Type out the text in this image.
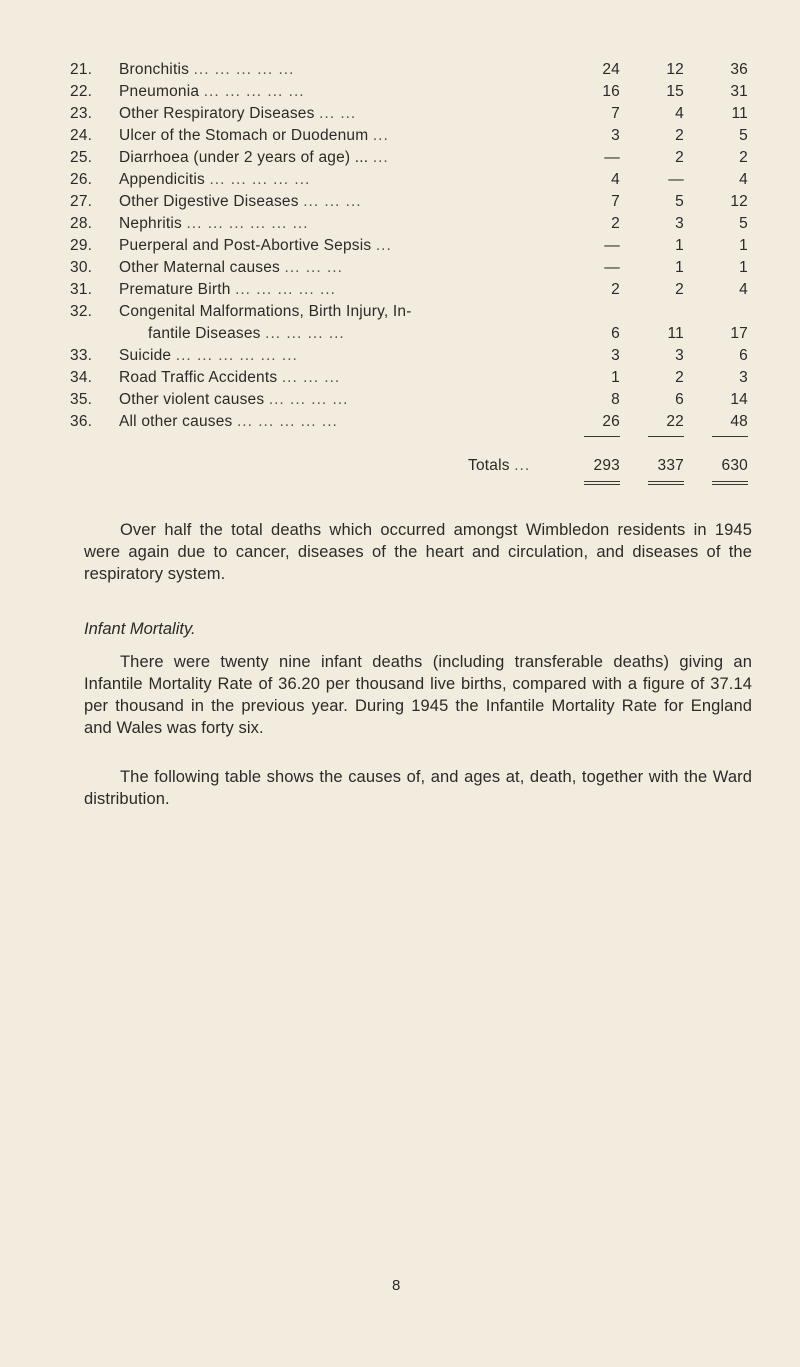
21.	Bronchitis ... ... ... ... ...	24	12	36
22.	Pneumonia ... ... ... ... ...	16	15	31
23.	Other Respiratory Diseases ... ...	7	4	11
24.	Ulcer of the Stomach or Duodenum ...	3	2	5
25.	Diarrhoea (under 2 years of age) ... ...	—	2	2
26.	Appendicitis ... ... ... ... ...	4	—	4
27.	Other Digestive Diseases ... ... ...	7	5	12
28.	Nephritis ... ... ... ... ... ...	2	3	5
29.	Puerperal and Post-Abortive Sepsis ...	—	1	1
30.	Other Maternal causes ... ... ...	—	1	1
31.	Premature Birth ... ... ... ... ...	2	2	4
32.	Congenital Malformations, Birth Injury, In-
fantile Diseases ... ... ... ...	6	11	17
33.	Suicide ... ... ... ... ... ...	3	3	6
34.	Road Traffic Accidents ... ... ...	1	2	3
35.	Other violent causes ... ... ... ...	8	6	14
36.	All other causes ... ... ... ... ...	26	22	48
Totals ...	293	337	630

Over half the total deaths which occurred amongst Wimbledon residents in 1945 were again due to cancer, diseases of the heart and circulation, and diseases of the respiratory system.

Infant Mortality.

There were twenty nine infant deaths (including transferable deaths) giving an Infantile Mortality Rate of 36.20 per thousand live births, compared with a figure of 37.14 per thousand in the previous year. During 1945 the Infantile Mortality Rate for England and Wales was forty six.

The following table shows the causes of, and ages at, death, together with the Ward distribution.

8
